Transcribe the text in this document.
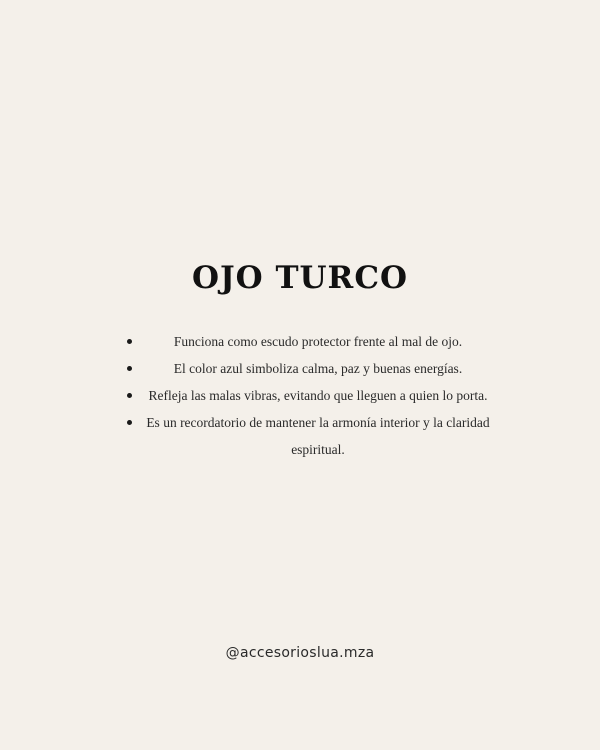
OJO TURCO
Funciona como escudo protector frente al mal de ojo.
El color azul simboliza calma, paz y buenas energías.
Refleja las malas vibras, evitando que lleguen a quien lo porta.
Es un recordatorio de mantener la armonía interior y la claridad espiritual.
@accesorioslua.mza
